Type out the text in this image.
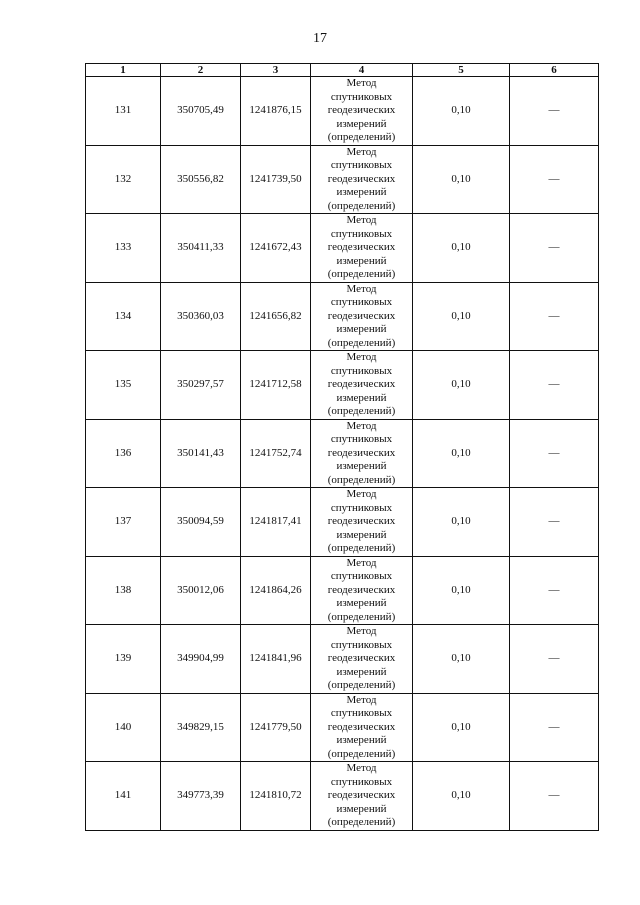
17
1	2	3	4	5	6
131	350705,49	1241876,15	Метод
спутниковых
геодезических
измерений
(определений)	0,10	—
132	350556,82	1241739,50	Метод
спутниковых
геодезических
измерений
(определений)	0,10	—
133	350411,33	1241672,43	Метод
спутниковых
геодезических
измерений
(определений)	0,10	—
134	350360,03	1241656,82	Метод
спутниковых
геодезических
измерений
(определений)	0,10	—
135	350297,57	1241712,58	Метод
спутниковых
геодезических
измерений
(определений)	0,10	—
136	350141,43	1241752,74	Метод
спутниковых
геодезических
измерений
(определений)	0,10	—
137	350094,59	1241817,41	Метод
спутниковых
геодезических
измерений
(определений)	0,10	—
138	350012,06	1241864,26	Метод
спутниковых
геодезических
измерений
(определений)	0,10	—
139	349904,99	1241841,96	Метод
спутниковых
геодезических
измерений
(определений)	0,10	—
140	349829,15	1241779,50	Метод
спутниковых
геодезических
измерений
(определений)	0,10	—
141	349773,39	1241810,72	Метод
спутниковых
геодезических
измерений
(определений)	0,10	—
